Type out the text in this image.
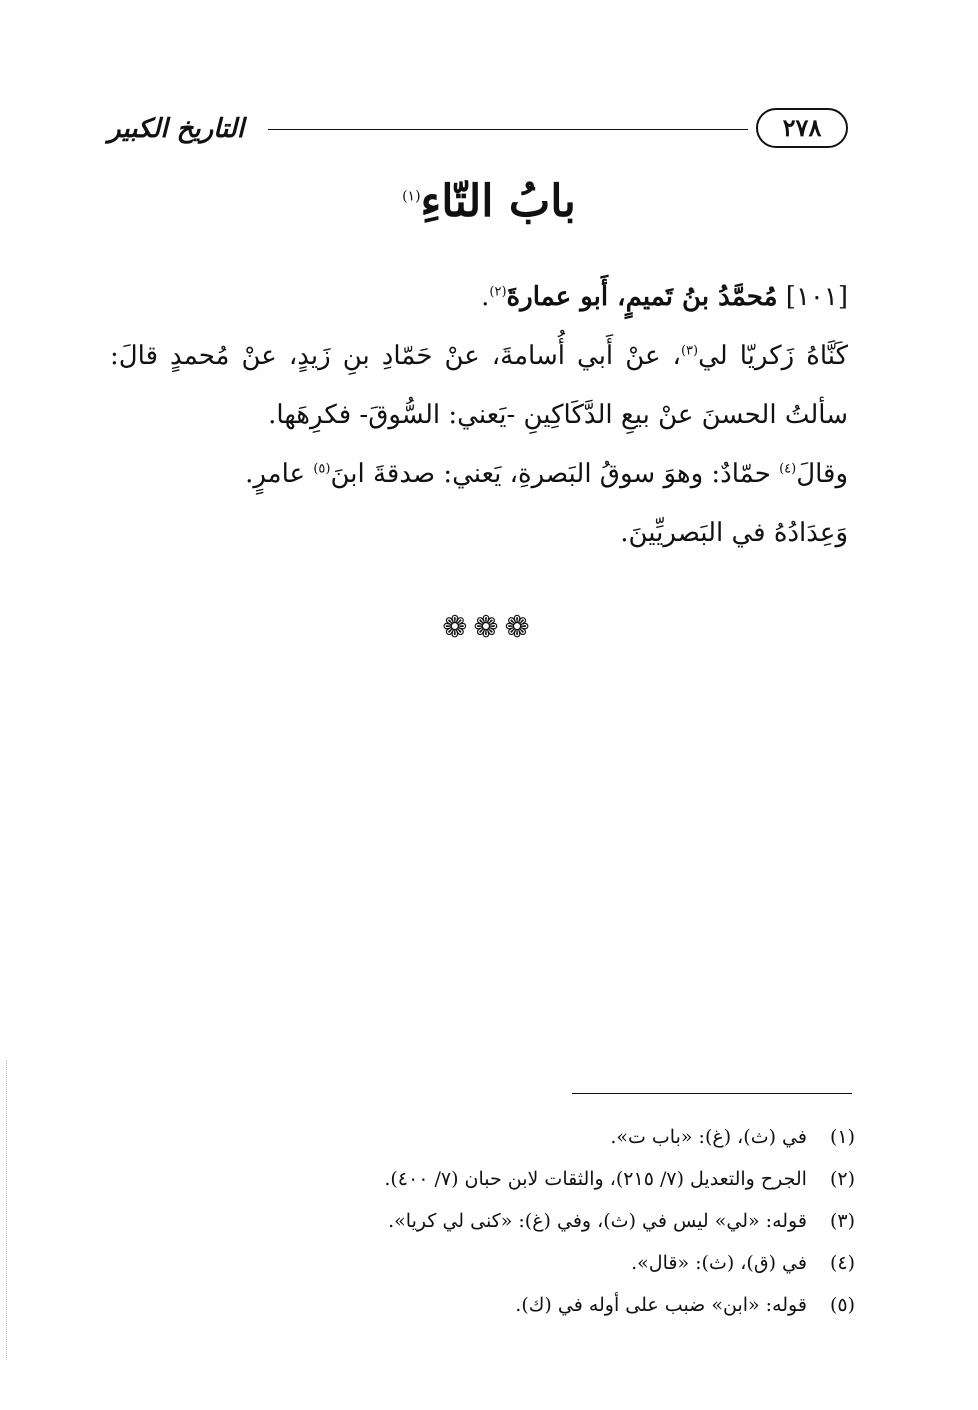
التاريخ الكبير	٢٧٨
بابُ التّاءِ$^{(١)}$

[١٠١] مُحمَّدُ بنُ تَميمٍ، أَبو عمارةَ$^{(٢)}$.

كَنَّاهُ زَكريّا لي$^{(٣)}$، عنْ أَبي أُسامةَ، عنْ حَمّادِ بنِ زَيدٍ، عنْ مُحمدٍ قالَ: سألتُ الحسنَ عنْ بيعِ الدَّكَاكِينِ -يَعني: السُّوقَ- فكرِهَها.

وقالَ$^{(٤)}$ حمّادٌ: وهوَ سوقُ البَصرةِ، يَعني: صدقةَ ابنَ$^{(٥)}$ عامرٍ.

وَعِدَادُهُ في البَصريِّينَ.

❁❁❁
(١) في (ث)، (غ): «باب ت».
(٢) الجرح والتعديل (٧/ ٢١٥)، والثقات لابن حبان (٧/ ٤٠٠).
(٣) قوله: «لي» ليس في (ث)، وفي (غ): «كنى لي كريا».
(٤) في (ق)، (ث): «قال».
(٥) قوله: «ابن» ضبب على أوله في (ك).
